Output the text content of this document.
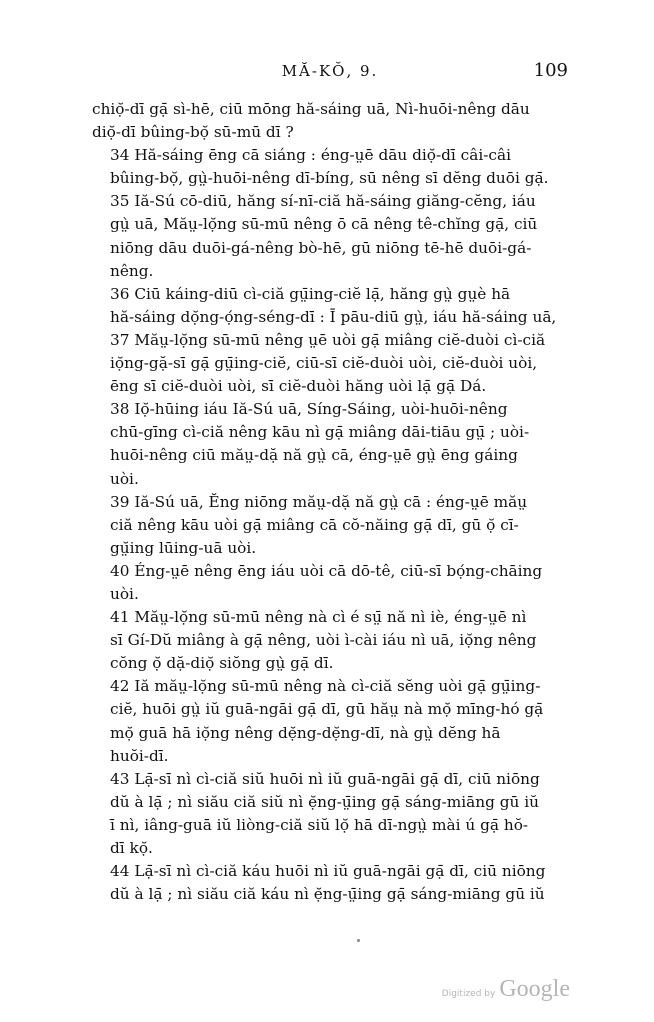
MĂ-KŎ, 9.	109

chiọ̆-dī gạ̄ sì-hē, ciū mōng hă-sáing uā, Nì-huōi-nêng dāu
diọ̆-dī bûing-bọ̆ sū-mū dī ?

34 Hă-sáing ēng cā siáng : éng-ṳē dāu diọ̆-dī câi-câi
bûing-bọ̆, gṳ̀-huōi-nêng dī-bíng, sū nêng sī dĕng duōi gạ̄.

35 Iă-Sú cō-diū, hăng sí-nī-ciă hă-sáing giăng-cĕng, iáu
gṳ̀ uā, Măṳ-lọ̆ng sū-mū nêng ō cā nêng tê-chĭng gạ̄, ciū
niōng dāu duōi-gá-nêng bò-hē, gū niōng tē-hē duōi-gá-
nêng.

36 Ciū káing-diū cì-ciă gṳ̄ing-ciĕ lạ̄, hăng gṳ̀ gṳè hā
hă-sáing dọ̆ng-ọ́ng-séng-dī : Ī pāu-diū gṳ̀, iáu hă-sáing uā,

37 Măṳ-lọ̆ng sū-mū nêng ṳē uòi gạ̄ miâng ciĕ-duòi cì-ciă
iọ̆ng-gặ-sī gạ̄ gṳ̄ing-ciĕ, ciū-sī ciĕ-duòi uòi, ciĕ-duòi uòi,
ēng sī ciĕ-duòi uòi, sī ciĕ-duòi hăng uòi lạ̄ gạ̄ Dá.

38 Iọ̆-hūing iáu Iă-Sú uā, Síng-Sáing, uòi-huōi-nêng
chū-gīng cì-ciă nêng kāu nì gạ̄ miâng dāi-tiāu gṳ̄ ; uòi-
huōi-nêng ciū măṳ-dặ nă gṳ̀ cā, éng-ṳē gṳ̀ ēng gáing
uòi.

39 Iă-Sú uā, Ĕng niōng măṳ-dặ nă gṳ̀ cā : éng-ṳē măṳ
ciă nêng kāu uòi gạ̄ miâng cā cŏ-năing gạ̄ dī, gū ọ̆ cī-
gṳ̆ing lūing-uā uòi.

40 Éng-ṳē nêng ēng iáu uòi cā dō-tê, ciū-sī bọ́ng-chāing
uòi.

41 Măṳ-lọ̆ng sū-mū nêng nà cì é sṳ̄ nă nì iè, éng-ṳē nì
sī Gí-Dŭ miâng à gạ̄ nêng, uòi ì-cài iáu nì uā, iọ̆ng nêng
cŏng ọ̆ dặ-diọ̆ siŏng gṳ̀ gạ̄ dī.

42 Iă măṳ-lọ̆ng sū-mū nêng nà cì-ciă sĕng uòi gạ̄ gṳ̄ing-
ciĕ, huōi gṳ̀ iŭ guā-ngāi gạ̄ dī, gū hăṳ nà mọ̆ mīng-hó gạ̄
mọ̆ guā hā iọ̆ng nêng dẹ̆ng-dẹ̆ng-dī, nà gṳ̀ dĕng hā
huŏi-dī.

43 Lạ̄-sī nì cì-ciă siŭ huōi nì iŭ guā-ngāi gạ̄ dī, ciū niōng
dŭ à lạ̄ ; nì siău ciă siŭ nì ẹ̆ng-ṳ̄ing gạ̄ sáng-miāng gū iŭ
ī nì, iâng-guā iŭ liòng-ciă siŭ lọ̆ hā dī-ngṳ̀ mài ú gạ̄ hŏ-
dī kọ̆.

44 Lạ̄-sī nì cì-ciă káu huōi nì iŭ guā-ngāi gạ̄ dī, ciū niōng
dŭ à lạ̄ ; nì siău ciă káu nì ẹ̆ng-ṳ̄ing gạ̄ sáng-miāng gū iŭ

Digitized by Google
